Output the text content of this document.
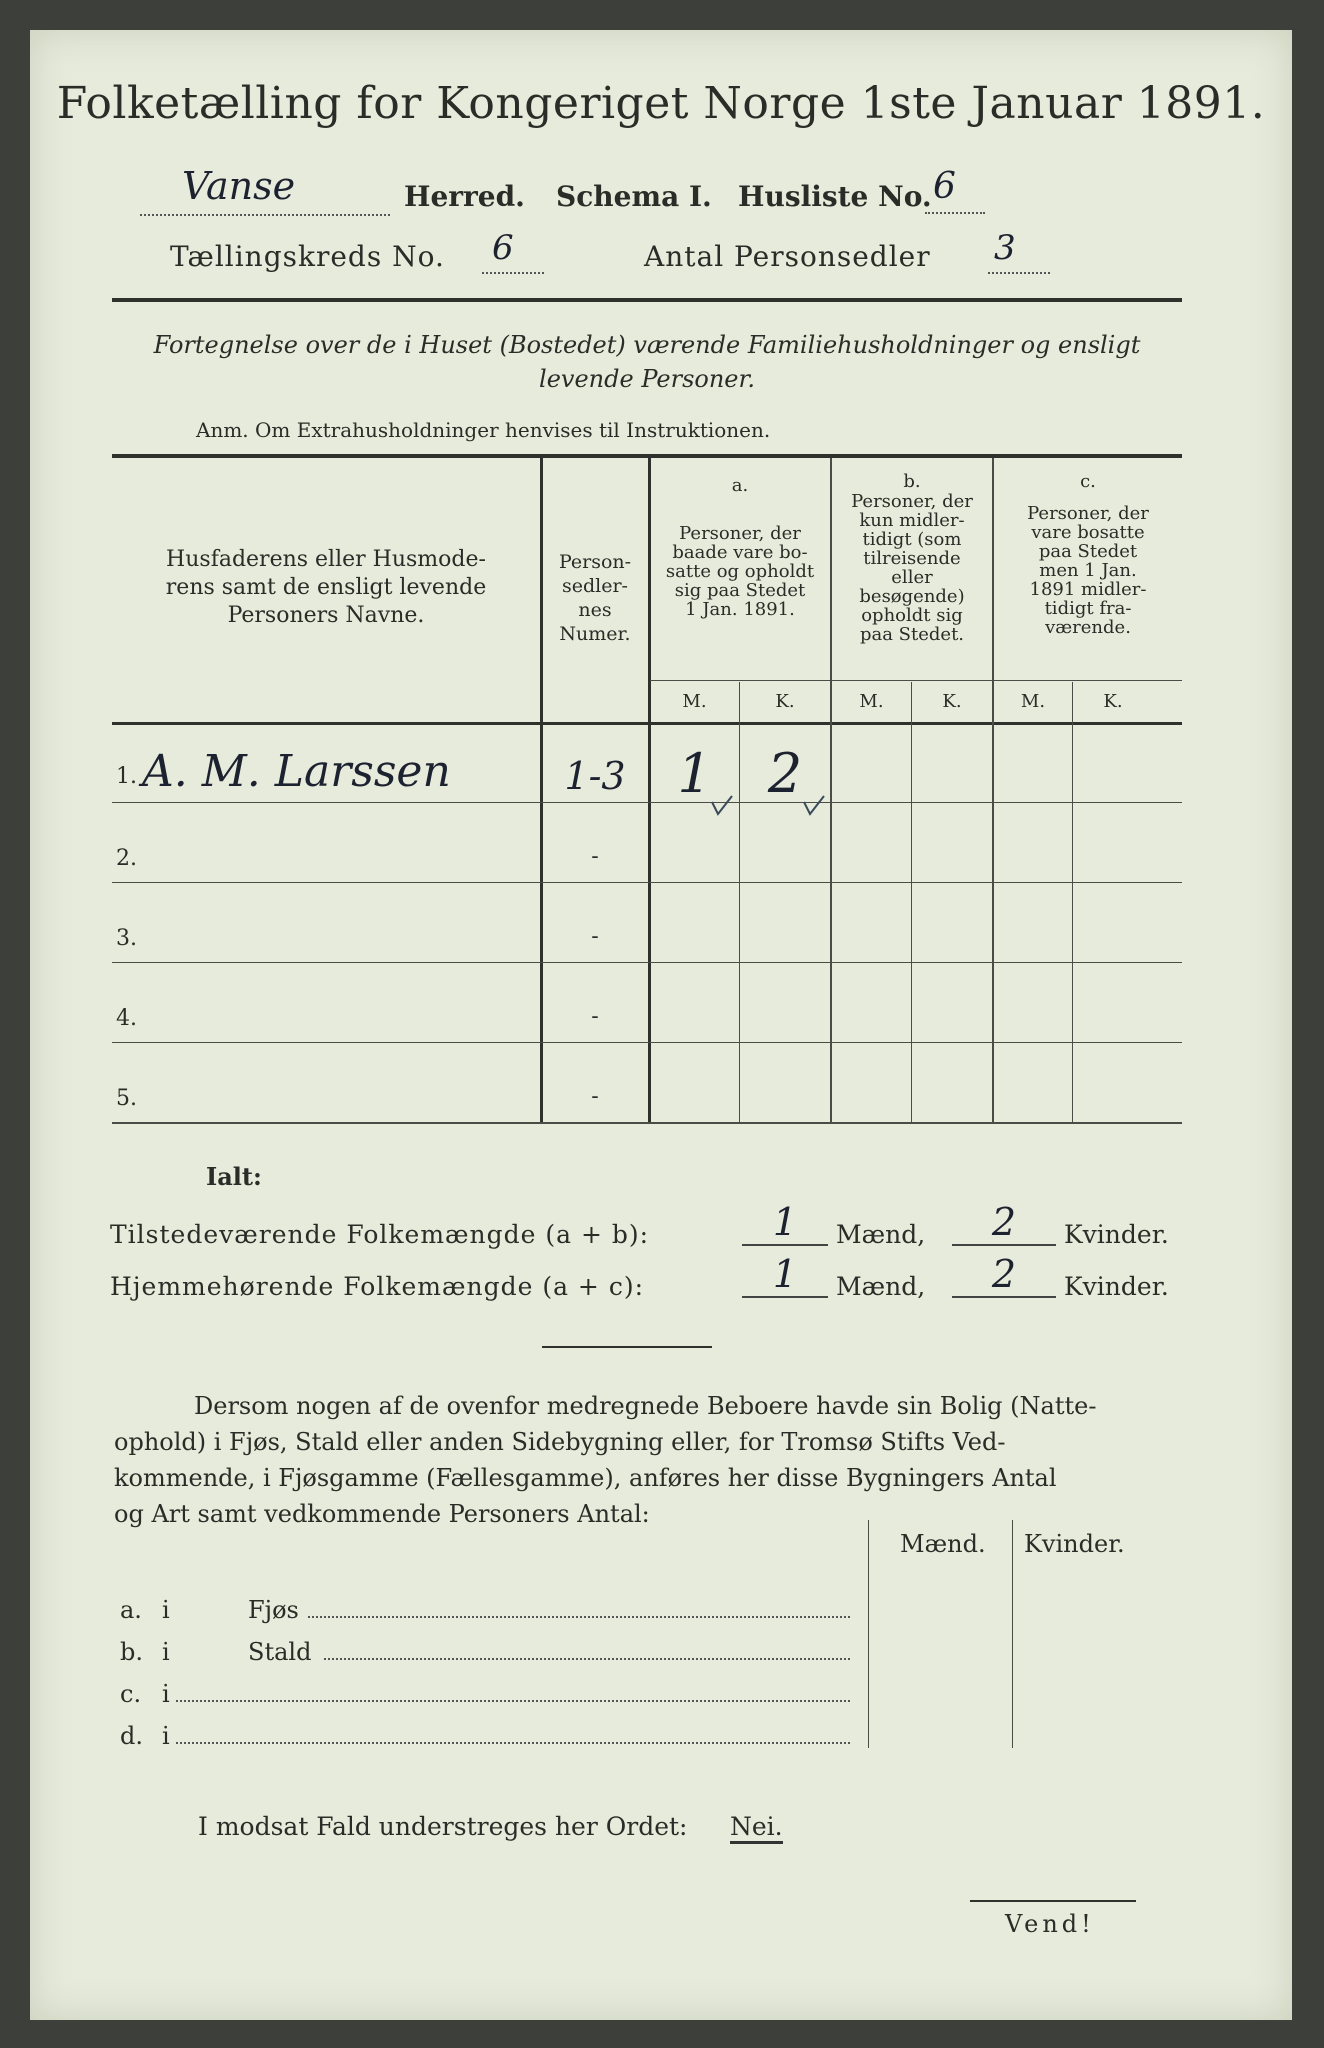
Folketælling for Kongeriget Norge 1ste Januar 1891.
Vanse	Herred. Schema I. Husliste No. 6
Tællingskreds No. 6	Antal Personsedler 3
Fortegnelse over de i Huset (Bostedet) værende Familiehusholdninger og ensligt
levende Personer.
Anm. Om Extrahusholdninger henvises til Instruktionen.
Husfaderens eller Husmode-
rens samt de ensligt levende
Personers Navne.
Person-
sedler-
nes
Numer.
a.
Personer, der
baade vare bo-
satte og opholdt
sig paa Stedet
1 Jan. 1891.
b.
Personer, der
kun midler-
tidigt (som
tilreisende
eller
besøgende)
opholdt sig
paa Stedet.
c.
Personer, der
vare bosatte
paa Stedet
men 1 Jan.
1891 midler-
tidigt fra-
værende.
M.	K.	M.	K.	M.	K.
1. A. M. Larssen	1-3 1	2
2.	-
3.	-
4.	-
5.	-
Ialt:
Tilstedeværende Folkemængde (a + b):	1	Mænd,	2	Kvinder.
Hjemmehørende Folkemængde (a + c):	1	Mænd,	2	Kvinder.
Dersom nogen af de ovenfor medregnede Beboere havde sin Bolig (Natte-
ophold) i Fjøs, Stald eller anden Sidebygning eller, for Tromsø Stifts Ved-
kommende, i Fjøsgamme (Fællesgamme), anføres her disse Bygningers Antal
og Art samt vedkommende Personers Antal:
Mænd. Kvinder.
a. i	Fjøs
b. i	Stald
c. i
d. i
I modsat Fald understreges her Ordet: Nei.
Vend!
